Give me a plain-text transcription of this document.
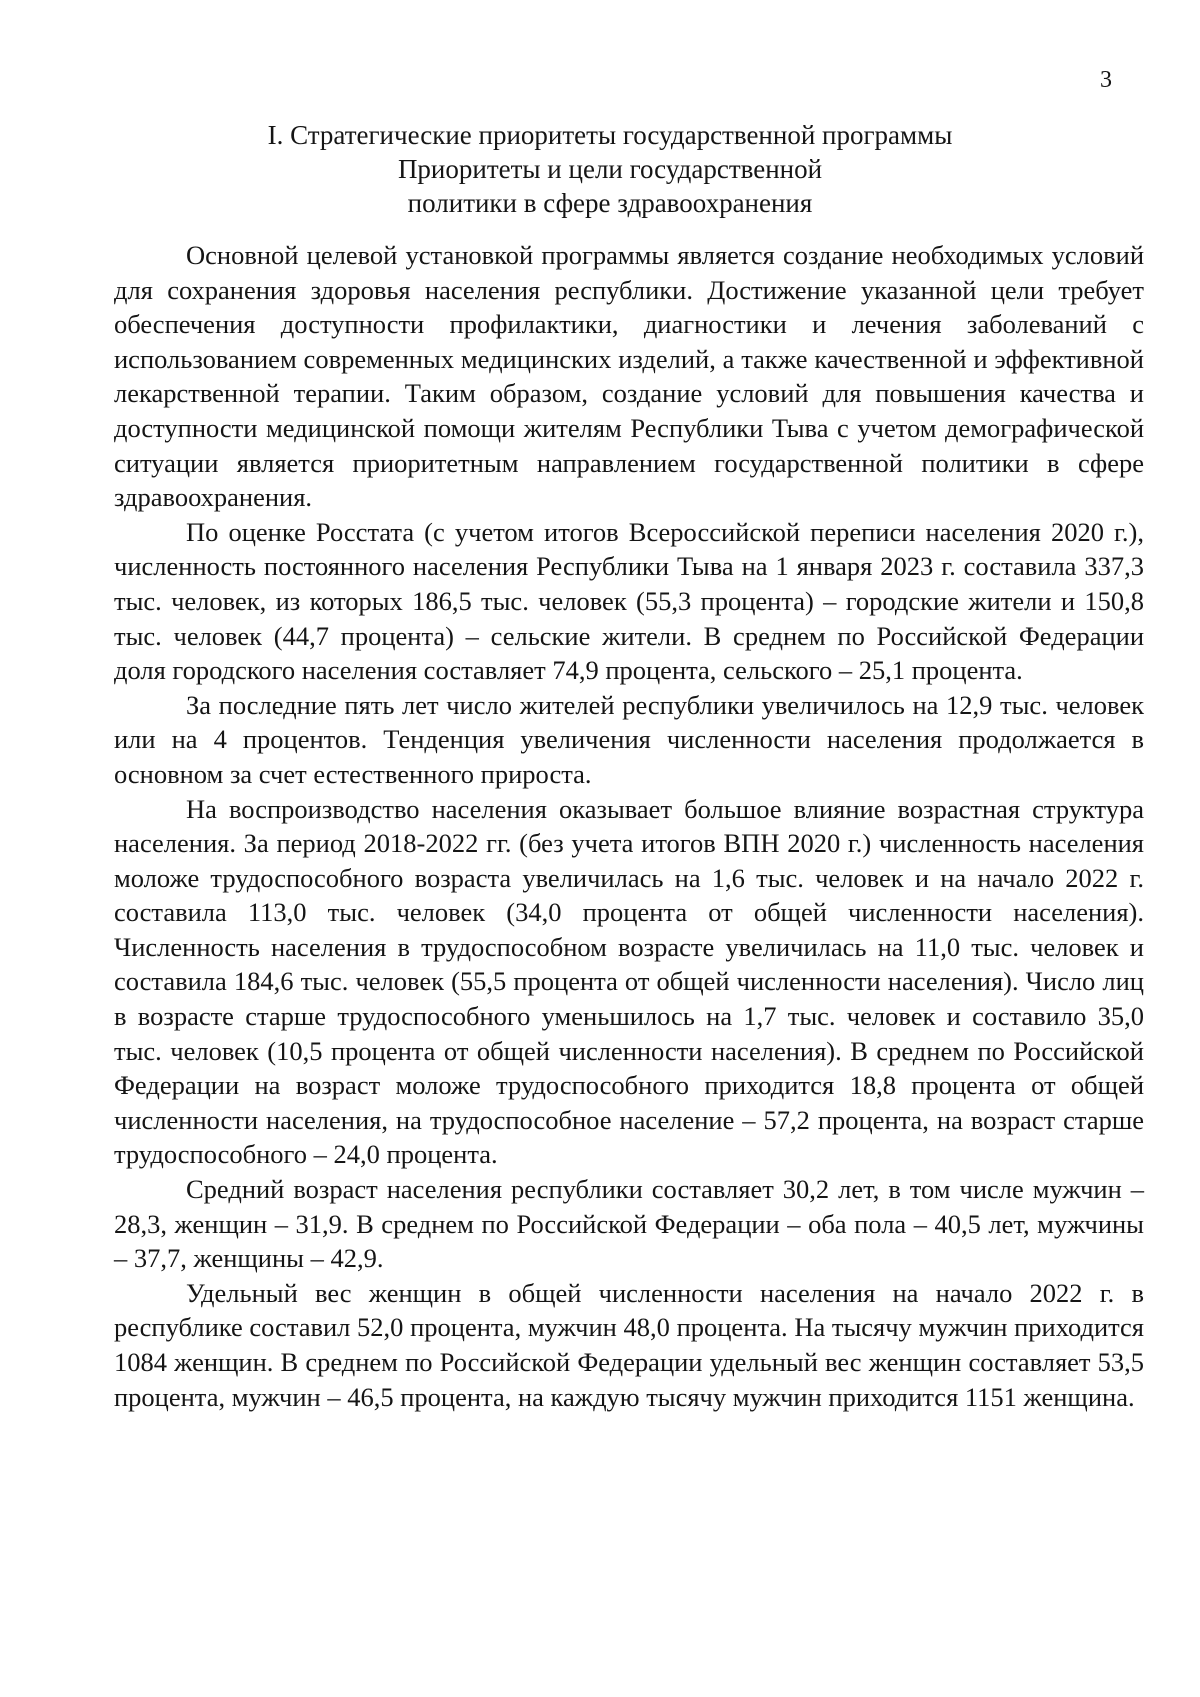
3
I. Стратегические приоритеты государственной программы
Приоритеты и цели государственной
политики в сфере здравоохранения

Основной целевой установкой программы является создание необходимых условий для сохранения здоровья населения республики. Достижение указанной цели требует обеспечения доступности профилактики, диагностики и лечения заболеваний с использованием современных медицинских изделий, а также качественной и эффективной лекарственной терапии. Таким образом, создание условий для повышения качества и доступности медицинской помощи жителям Республики Тыва с учетом демографической ситуации является приоритетным направлением государственной политики в сфере здравоохранения.

По оценке Росстата (с учетом итогов Всероссийской переписи населения 2020 г.), численность постоянного населения Республики Тыва на 1 января 2023 г. составила 337,3 тыс. человек, из которых 186,5 тыс. человек (55,3 процента) – городские жители и 150,8 тыс. человек (44,7 процента) – сельские жители. В среднем по Российской Федерации доля городского населения составляет 74,9 процента, сельского – 25,1 процента.

За последние пять лет число жителей республики увеличилось на 12,9 тыс. человек или на 4 процентов. Тенденция увеличения численности населения продолжается в основном за счет естественного прироста.

На воспроизводство населения оказывает большое влияние возрастная структура населения. За период 2018-2022 гг. (без учета итогов ВПН 2020 г.) численность населения моложе трудоспособного возраста увеличилась на 1,6 тыс. человек и на начало 2022 г. составила 113,0 тыс. человек (34,0 процента от общей численности населения). Численность населения в трудоспособном возрасте увеличилась на 11,0 тыс. человек и составила 184,6 тыс. человек (55,5 процента от общей численности населения). Число лиц в возрасте старше трудоспособного уменьшилось на 1,7 тыс. человек и составило 35,0 тыс. человек (10,5 процента от общей численности населения). В среднем по Российской Федерации на возраст моложе трудоспособного приходится 18,8 процента от общей численности населения, на трудоспособное население – 57,2 процента, на возраст старше трудоспособного – 24,0 процента.

Средний возраст населения республики составляет 30,2 лет, в том числе мужчин – 28,3, женщин – 31,9. В среднем по Российской Федерации – оба пола – 40,5 лет, мужчины – 37,7, женщины – 42,9.

Удельный вес женщин в общей численности населения на начало 2022 г. в республике составил 52,0 процента, мужчин 48,0 процента. На тысячу мужчин приходится 1084 женщин. В среднем по Российской Федерации удельный вес женщин составляет 53,5 процента, мужчин – 46,5 процента, на каждую тысячу мужчин приходится 1151 женщина.
